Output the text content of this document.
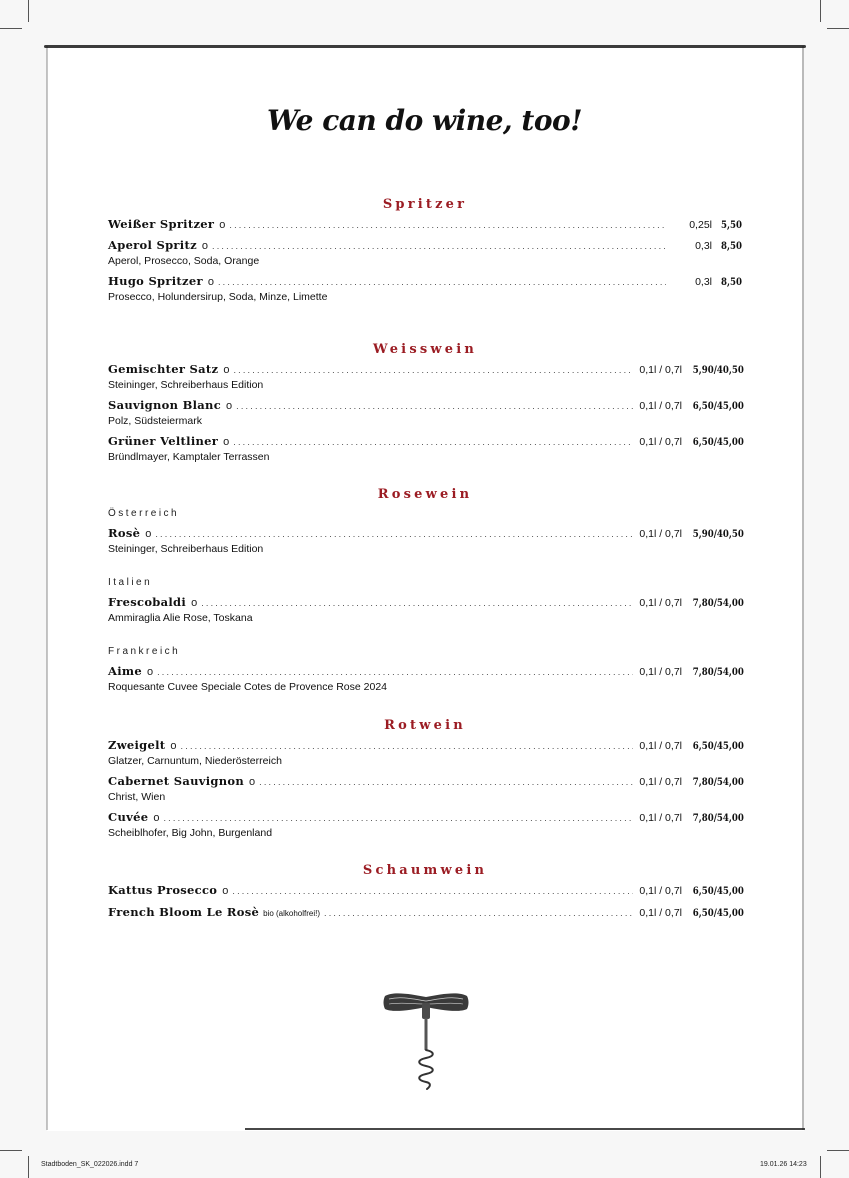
We can do wine, too!
Spritzer
Weißer Spritzer o .....	0,25l 5,50
Aperol Spritz o .....	0,3l 8,50
Aperol, Prosecco, Soda, Orange
Hugo Spritzer o .....	0,3l 8,50
Prosecco, Holundersirup, Soda, Minze, Limette
Weisswein
Gemischter Satz o .....	0,1l / 0,7l 5,90/40,50
Steininger, Schreiberhaus Edition
Sauvignon Blanc o .....	0,1l / 0,7l 6,50/45,00
Polz, Südsteiermark
Grüner Veltliner o .....	0,1l / 0,7l 6,50/45,00
Bründlmayer, Kamptaler Terrassen
Rosewein
Österreich
Rosè o .....	0,1l / 0,7l 5,90/40,50
Steininger, Schreiberhaus Edition
Italien
Frescobaldi o .....	0,1l / 0,7l 7,80/54,00
Ammiraglia Alie Rose, Toskana
Frankreich
Aime o .....	0,1l / 0,7l 7,80/54,00
Roquesante Cuvee Speciale Cotes de Provence Rose 2024
Rotwein
Zweigelt o .....	0,1l / 0,7l 6,50/45,00
Glatzer, Carnuntum, Niederösterreich
Cabernet Sauvignon o .....	0,1l / 0,7l 7,80/54,00
Christ, Wien
Cuvée o .....	0,1l / 0,7l 7,80/54,00
Scheiblhofer, Big John, Burgenland
Schaumwein
Kattus Prosecco o .....	0,1l / 0,7l 6,50/45,00
French Bloom Le Rosè bio (alkoholfrei!) .....	0,1l / 0,7l 6,50/45,00
Stadtboden_SK_022026.indd 7	19.01.26 14:23
